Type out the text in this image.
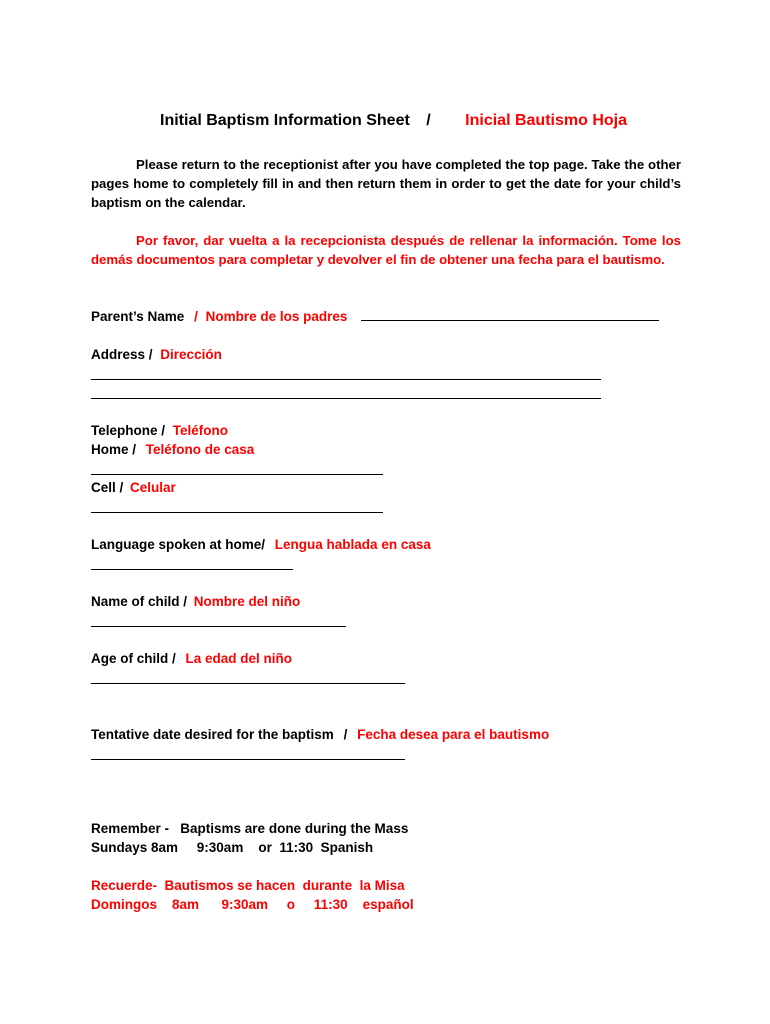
Initial Baptism Information Sheet / Inicial Bautismo Hoja
Please return to the receptionist after you have completed the top page. Take the other pages home to completely fill in and then return them in order to get the date for your child’s baptism on the calendar.
Por favor, dar vuelta a la recepcionista después de rellenar la información. Tome los demás documentos para completar y devolver el fin de obtener una fecha para el bautismo.
Parent’s Name / Nombre de los padres
Address / Dirección
Telephone / Teléfono
Home / Teléfono de casa
Cell / Celular
Language spoken at home/ Lengua hablada en casa
Name of child / Nombre del niño
Age of child / La edad del niño
Tentative date desired for the baptism / Fecha desea para el bautismo
Remember -   Baptisms are done during the Mass
Sundays 8am     9:30am    or  11:30  Spanish
Recuerde-  Bautismos se hacen  durante  la Misa
Domingos    8am      9:30am     o     11:30    español
